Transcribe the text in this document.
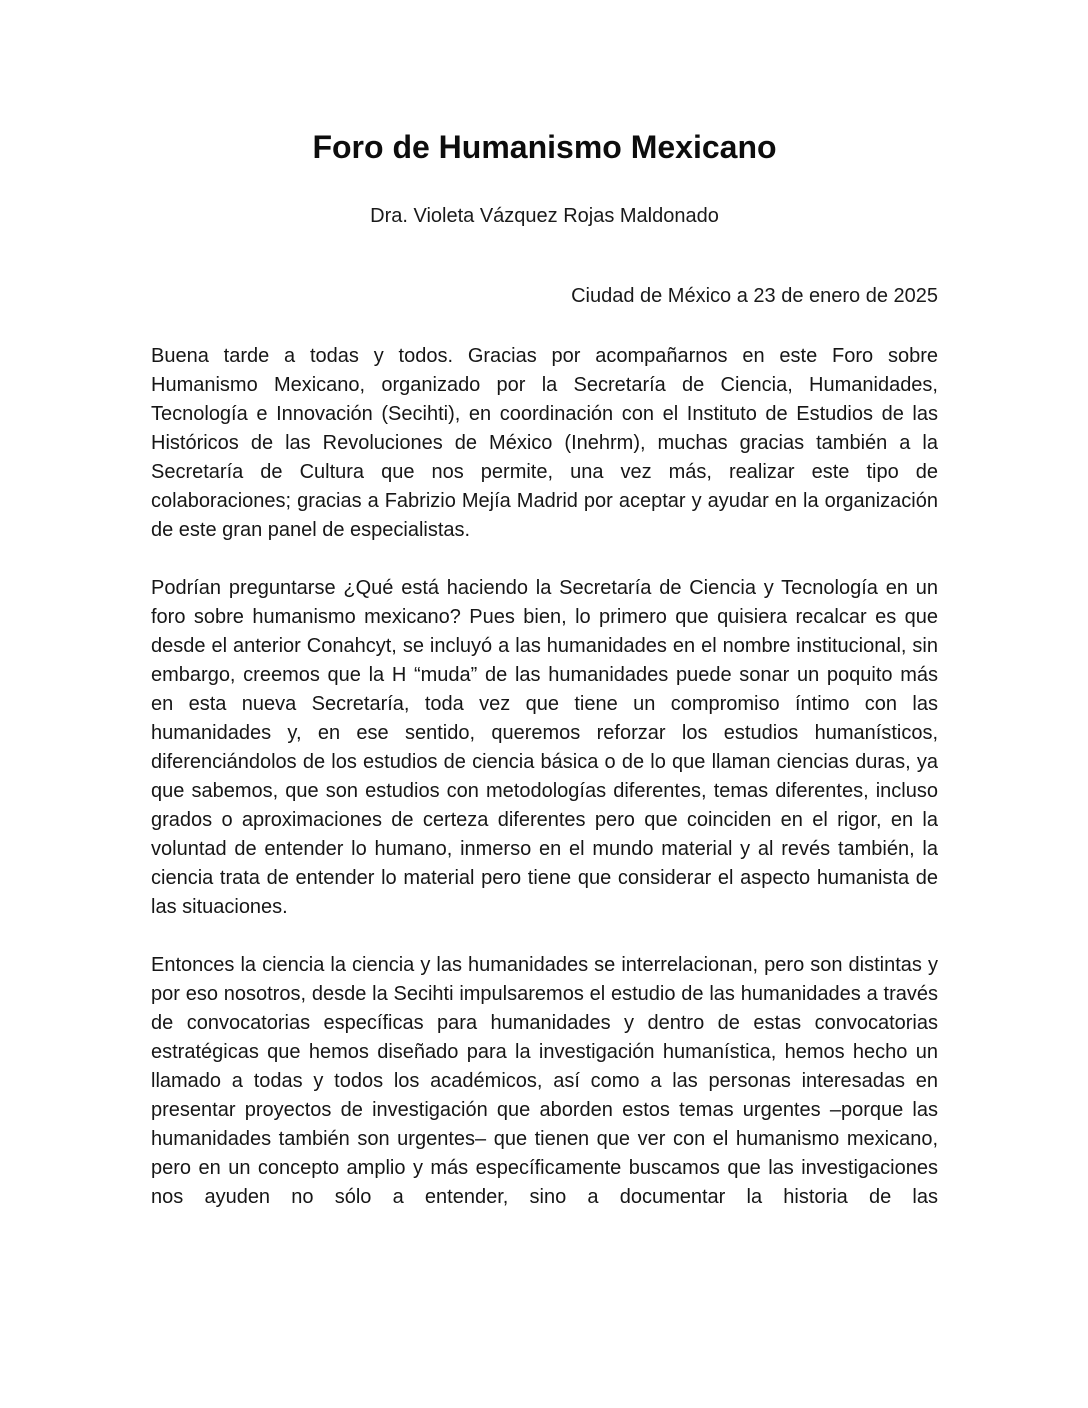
Foro de Humanismo Mexicano
Dra. Violeta Vázquez Rojas Maldonado
Ciudad de México a 23 de enero de 2025

Buena tarde a todas y todos. Gracias por acompañarnos en este Foro sobre Humanismo Mexicano, organizado por la Secretaría de Ciencia, Humanidades, Tecnología e Innovación (Secihti), en coordinación con el Instituto de Estudios de las Históricos de las Revoluciones de México (Inehrm), muchas gracias también a la Secretaría de Cultura que nos permite, una vez más, realizar este tipo de colaboraciones; gracias a Fabrizio Mejía Madrid por aceptar y ayudar en la organización de este gran panel de especialistas.

Podrían preguntarse ¿Qué está haciendo la Secretaría de Ciencia y Tecnología en un foro sobre humanismo mexicano? Pues bien, lo primero que quisiera recalcar es que desde el anterior Conahcyt, se incluyó a las humanidades en el nombre institucional, sin embargo, creemos que la H “muda” de las humanidades puede sonar un poquito más en esta nueva Secretaría, toda vez que tiene un compromiso íntimo con las humanidades y, en ese sentido, queremos reforzar los estudios humanísticos, diferenciándolos de los estudios de ciencia básica o de lo que llaman ciencias duras, ya que sabemos, que son estudios con metodologías diferentes, temas diferentes, incluso grados o aproximaciones de certeza diferentes pero que coinciden en el rigor, en la voluntad de entender lo humano, inmerso en el mundo material y al revés también, la ciencia trata de entender lo material pero tiene que considerar el aspecto humanista de las situaciones.

Entonces la ciencia la ciencia y las humanidades se interrelacionan, pero son distintas y por eso nosotros, desde la Secihti impulsaremos el estudio de las humanidades a través de convocatorias específicas para humanidades y dentro de estas convocatorias estratégicas que hemos diseñado para la investigación humanística, hemos hecho un llamado a todas y todos los académicos, así como a las personas interesadas en presentar proyectos de investigación que aborden estos temas urgentes –porque las humanidades también son urgentes– que tienen que ver con el humanismo mexicano, pero en un concepto amplio y más específicamente buscamos que las investigaciones nos ayuden no sólo a entender, sino a documentar la historia de las
